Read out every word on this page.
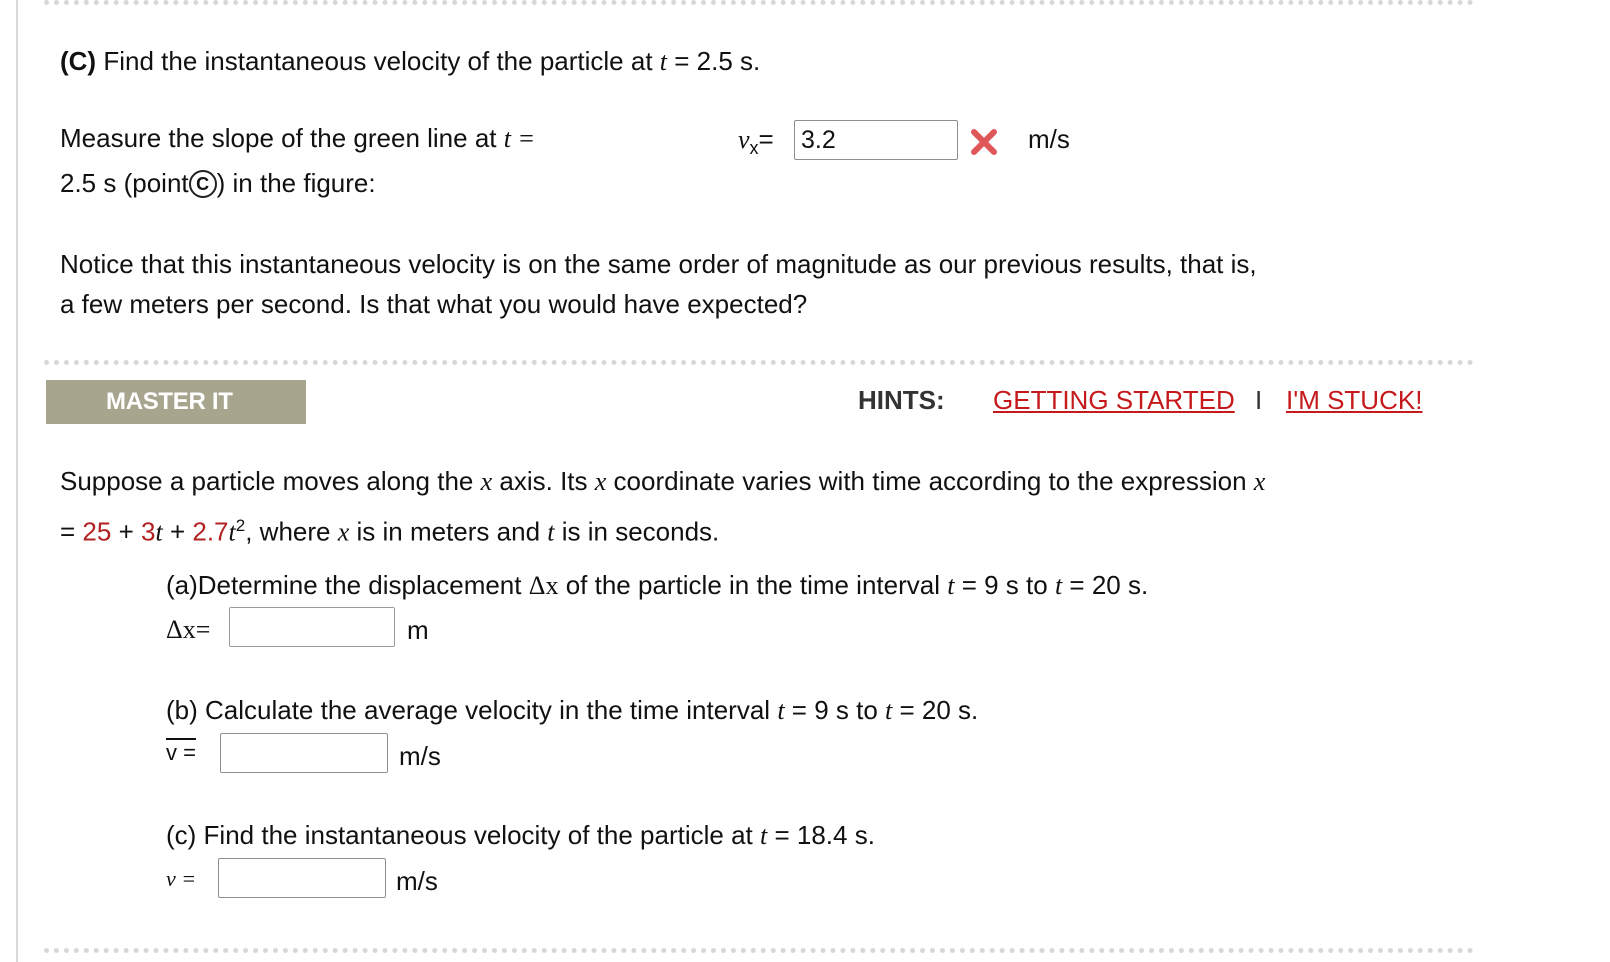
(C) Find the instantaneous velocity of the particle at t = 2.5 s.
Measure the slope of the green line at t =
2.5 s (point C ) in the figure:
$v_x= 3.2$	m/s
Notice that this instantaneous velocity is on the same order of magnitude as our previous results, that is,
a few meters per second. Is that what you would have expected?
MASTER IT	HINTS: GETTING STARTED I I'M STUCK!
Suppose a particle moves along the x axis. Its x coordinate varies with time according to the expression x
= $25 + 3t + 2.7t^2$, where x is in meters and t is in seconds.
(a)Determine the displacement Δx of the particle in the time interval t = 9 s to t = 20 s.
Δx=	m
(b) Calculate the average velocity in the time interval t = 9 s to t = 20 s.
v =	m/s
(c) Find the instantaneous velocity of the particle at t = 18.4 s.
v =	m/s
